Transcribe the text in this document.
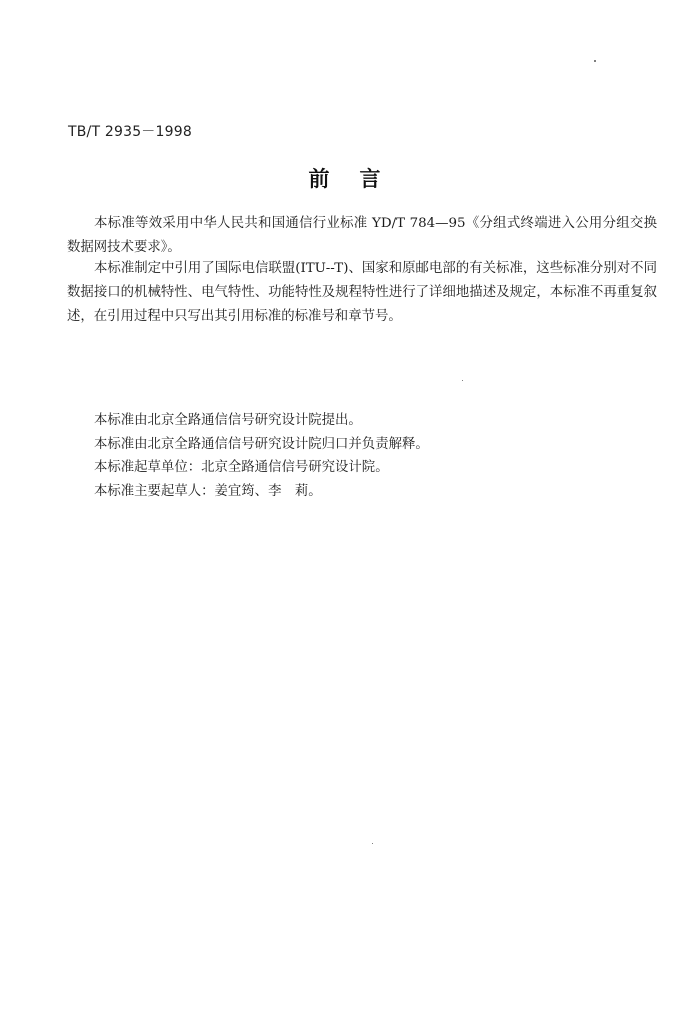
TB/T 2935－1998
前言
本标准等效采用中华人民共和国通信行业标准 YD/T 784—95《分组式终端进入公用分组交换数据网技术要求》。
本标准制定中引用了国际电信联盟(ITU--T)、国家和原邮电部的有关标准，这些标准分别对不同数据接口的机械特性、电气特性、功能特性及规程特性进行了详细地描述及规定，本标准不再重复叙述，在引用过程中只写出其引用标准的标准号和章节号。
本标准由北京全路通信信号研究设计院提出。
本标准由北京全路通信信号研究设计院归口并负责解释。
本标准起草单位：北京全路通信信号研究设计院。
本标准主要起草人：姜宜筠、李　莉。
